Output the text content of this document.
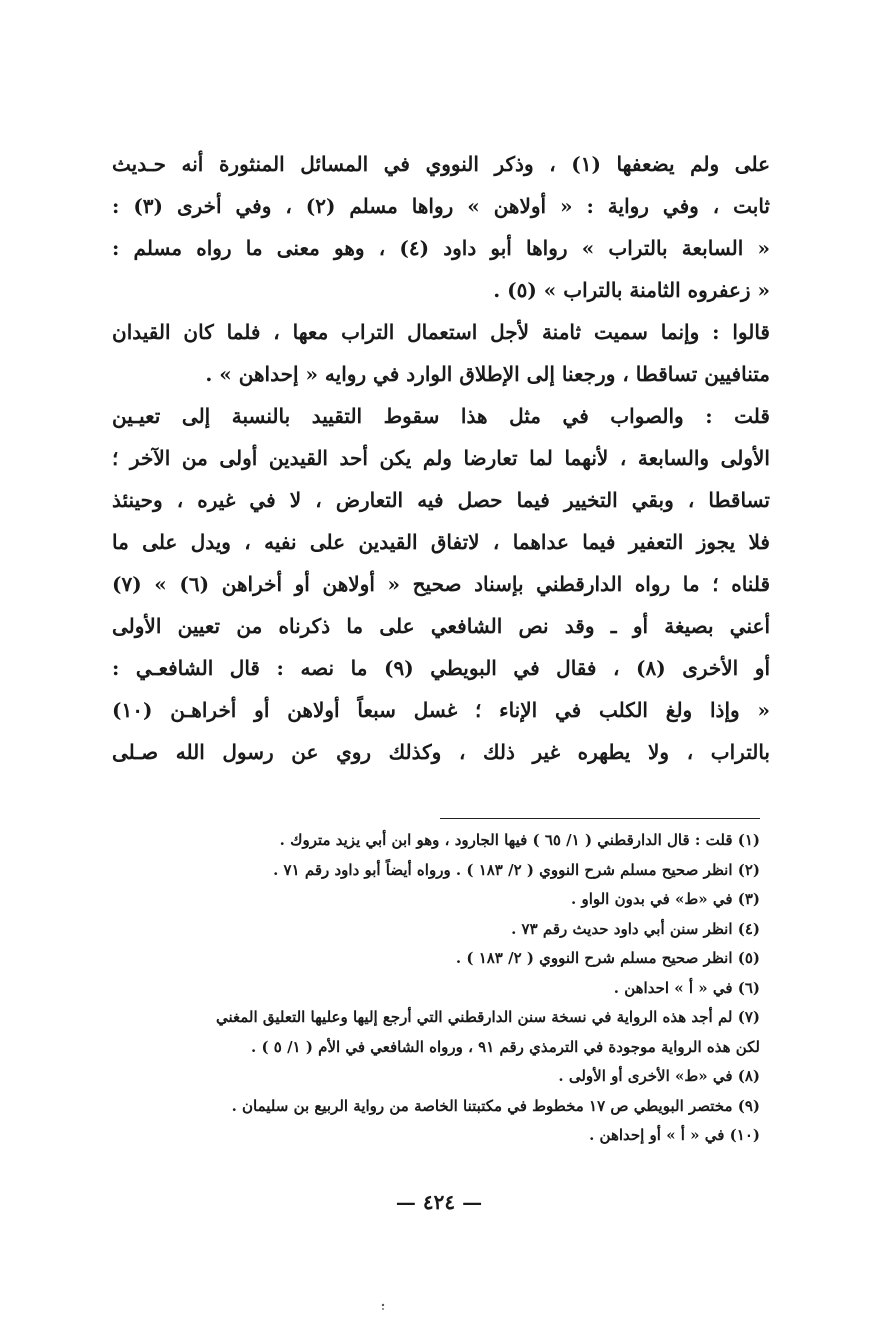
على ولم يضعفها (١) ، وذكر النووي في المسائل المنثورة أنه حـديث
ثابت ، وفي رواية : « أولاهن » رواها مسلم (٢) ، وفي أخرى (٣) :
« السابعة بالتراب » رواها أبو داود (٤) ، وهو معنى ما رواه مسلم :
« زعفروه الثامنة بالتراب » (٥) .
قالوا : وإنما سميت ثامنة لأجل استعمال التراب معها ، فلما كان القيدان
متنافيين تساقطا ، ورجعنا إلى الإطلاق الوارد في روايه « إحداهن » .
قلت : والصواب في مثل هذا سقوط التقييد بالنسبة إلى تعيـين
الأولى والسابعة ، لأنهما لما تعارضا ولم يكن أحد القيدين أولى من الآخر ؛
تساقطا ، وبقي التخيير فيما حصل فيه التعارض ، لا في غيره ، وحينئذ
فلا يجوز التعفير فيما عداهما ، لاتفاق القيدين على نفيه ، ويدل على ما
قلناه ؛ ما رواه الدارقطني بإسناد صحيح « أولاهن أو أخراهن (٦) » (٧)
أعني بصيغة أو ـ وقد نص الشافعي على ما ذكرناه من تعيين الأولى
أو الأخرى (٨) ، فقال في البويطي (٩) ما نصه : قال الشافعـي :
« وإذا ولغ الكلب في الإناء ؛ غسل سبعاً أولاهن أو أخراهـن (١٠)
بالتراب ، ولا يطهره غير ذلك ، وكذلك روي عن رسول الله صـلى
(١) قلت : قال الدارقطني ( ١/ ٦٥ ) فيها الجارود ، وهو ابن أبي يزيد متروك .
(٢) انظر صحيح مسلم شرح النووي ( ٢/ ١٨٣ ) . ورواه أيضاً أبو داود رقم ٧١ .
(٣) في «ط» في بدون الواو .
(٤) انظر سنن أبي داود حديث رقم ٧٣ .
(٥) انظر صحيح مسلم شرح النووي ( ٢/ ١٨٣ ) .
(٦) في « أ » احداهن .
(٧) لم أجد هذه الرواية في نسخة سنن الدارقطني التي أرجع إليها وعليها التعليق المغني
لكن هذه الرواية موجودة في الترمذي رقم ٩١ ، ورواه الشافعي في الأم ( ١/ ٥ ) .
(٨) في «ط» الأخرى أو الأولى .
(٩) مختصر البويطي ص ١٧ مخطوط في مكتبتنا الخاصة من رواية الربيع بن سليمان .
(١٠) في « أ » أو إحداهن .
— ٤٢٤ —
